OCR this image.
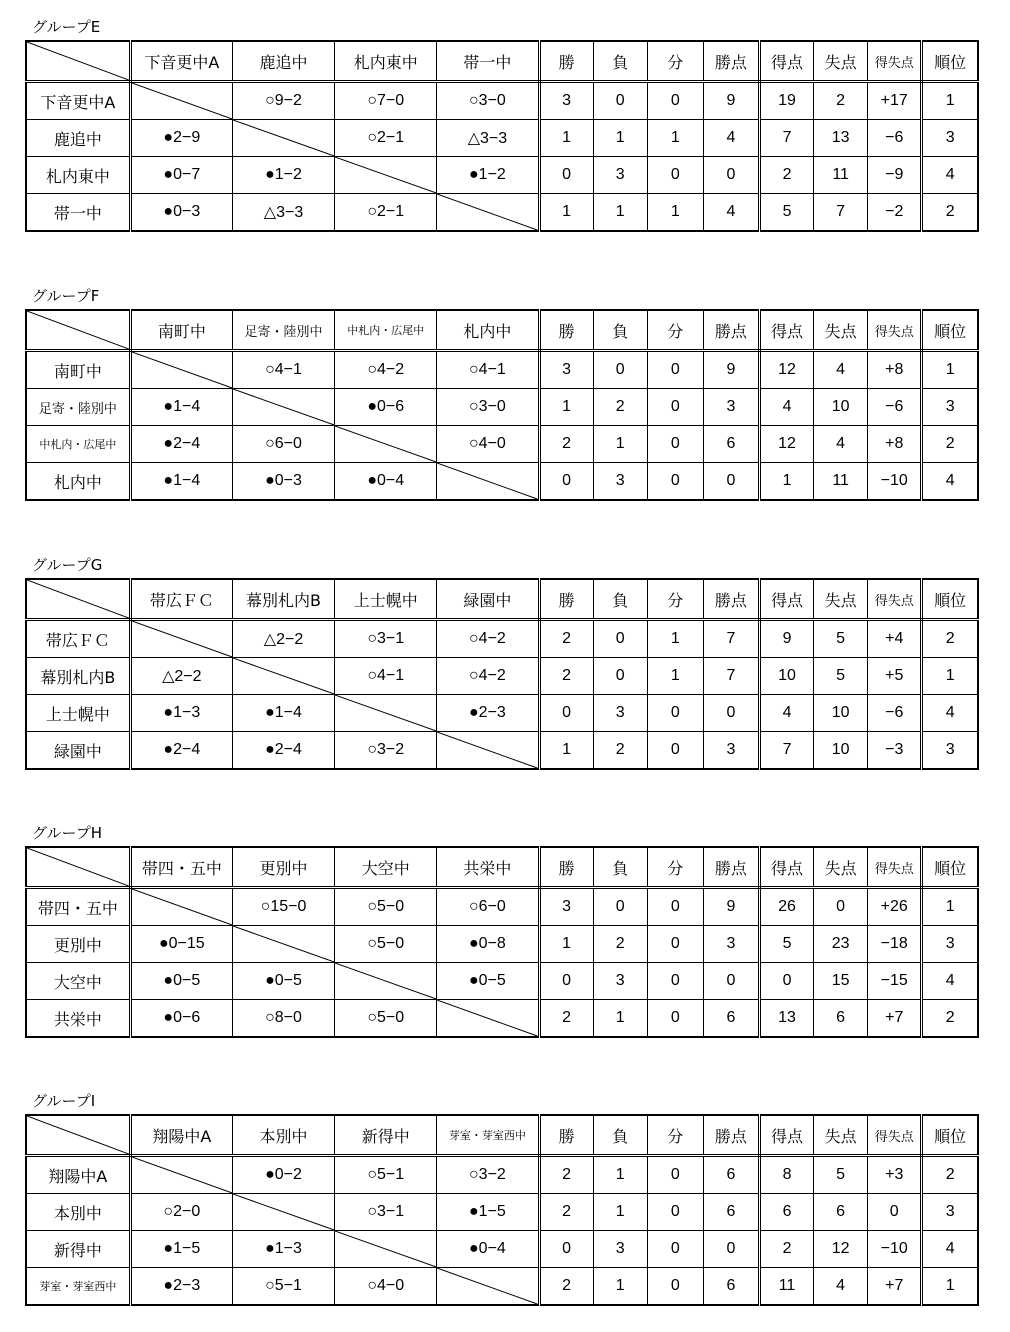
グループE
	下音更中A	鹿追中	札内東中	帯一中	勝	負	分	勝点	得点	失点	得失点	順位
下音更中A		○9−2	○7−0	○3−0	3	0	0	9	19	2	+17	1
鹿追中	●2−9		○2−1	△3−3	1	1	1	4	7	13	−6	3
札内東中	●0−7	●1−2		●1−2	0	3	0	0	2	11	−9	4
帯一中	●0−3	△3−3	○2−1		1	1	1	4	5	7	−2	2
グループF
	南町中	足寄・陸別中	中札内・広尾中	札内中	勝	負	分	勝点	得点	失点	得失点	順位
南町中		○4−1	○4−2	○4−1	3	0	0	9	12	4	+8	1
足寄・陸別中	●1−4		●0−6	○3−0	1	2	0	3	4	10	−6	3
中札内・広尾中	●2−4	○6−0		○4−0	2	1	0	6	12	4	+8	2
札内中	●1−4	●0−3	●0−4		0	3	0	0	1	11	−10	4
グループG
	帯広ＦＣ	幕別札内B	上士幌中	緑園中	勝	負	分	勝点	得点	失点	得失点	順位
帯広ＦＣ		△2−2	○3−1	○4−2	2	0	1	7	9	5	+4	2
幕別札内B	△2−2		○4−1	○4−2	2	0	1	7	10	5	+5	1
上士幌中	●1−3	●1−4		●2−3	0	3	0	0	4	10	−6	4
緑園中	●2−4	●2−4	○3−2		1	2	0	3	7	10	−3	3
グループH
	帯四・五中	更別中	大空中	共栄中	勝	負	分	勝点	得点	失点	得失点	順位
帯四・五中		○15−0	○5−0	○6−0	3	0	0	9	26	0	+26	1
更別中	●0−15		○5−0	●0−8	1	2	0	3	5	23	−18	3
大空中	●0−5	●0−5		●0−5	0	3	0	0	0	15	−15	4
共栄中	●0−6	○8−0	○5−0		2	1	0	6	13	6	+7	2
グループI
	翔陽中A	本別中	新得中	芽室・芽室西中	勝	負	分	勝点	得点	失点	得失点	順位
翔陽中A		●0−2	○5−1	○3−2	2	1	0	6	8	5	+3	2
本別中	○2−0		○3−1	●1−5	2	1	0	6	6	6	0	3
新得中	●1−5	●1−3		●0−4	0	3	0	0	2	12	−10	4
芽室・芽室西中	●2−3	○5−1	○4−0		2	1	0	6	11	4	+7	1
